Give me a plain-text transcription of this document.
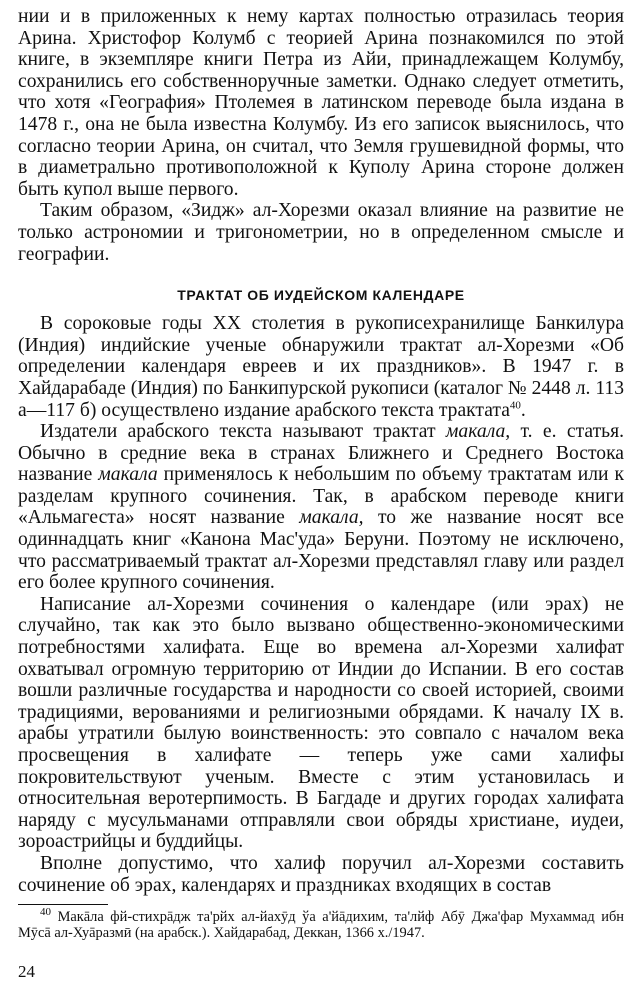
нии и в приложенных к нему картах полностью отразилась теория Арина. Христофор Колумб с теорией Арина познакомился по этой книге, в экземпляре книги Петра из Айи, принадлежащем Колумбу, сохранились его собственноручные заметки. Однако следует отметить, что хотя «География» Птолемея в латинском переводе была издана в 1478 г., она не была известна Колумбу. Из его записок выяснилось, что согласно теории Арина, он считал, что Земля грушевидной формы, что в диаметрально противоположной к Куполу Арина стороне должен быть купол выше первого.

Таким образом, «Зидж» ал-Хорезми оказал влияние на развитие не только астрономии и тригонометрии, но в определенном смысле и географии.

ТРАКТАТ ОБ ИУДЕЙСКОМ КАЛЕНДАРЕ

В сороковые годы XX столетия в рукописехранилище Банкилура (Индия) индийские ученые обнаружили трактат ал-Хорезми «Об определении календаря евреев и их праздников». В 1947 г. в Хайдарабаде (Индия) по Банкипурской рукописи (каталог № 2448 л. 113 а—117 б) осуществлено издание арабского текста трактата$^{40}$.

Издатели арабского текста называют трактат макала, т. е. статья. Обычно в средние века в странах Ближнего и Среднего Востока название макала применялось к небольшим по объему трактатам или к разделам крупного сочинения. Так, в арабском переводе книги «Альмагеста» носят название макала, то же название носят все одиннадцать книг «Канона Мас'уда» Беруни. Поэтому не исключено, что рассматриваемый трактат ал-Хорезми представлял главу или раздел его более крупного сочинения.

Написание ал-Хорезми сочинения о календаре (или эрах) не случайно, так как это было вызвано общественно-экономическими потребностями халифата. Еще во времена ал-Хорезми халифат охватывал огромную территорию от Индии до Испании. В его состав вошли различные государства и народности со своей историей, своими традициями, верованиями и религиозными обрядами. К началу IX в. арабы утратили былую воинственность: это совпало с началом века просвещения в халифате — теперь уже сами халифы покровительствуют ученым. Вместе с этим установилась и относительная веротерпимость. В Багдаде и других городах халифата наряду с мусульманами отправляли свои обряды христиане, иудеи, зороастрийцы и буддийцы.

Вполне допустимо, что халиф поручил ал-Хорезми составить сочинение об эрах, календарях и праздниках входящих в состав

$^{40}$ Макāла фй-стихрāдж та'рйх ал-йахӯд ўа а'йāдихим, та'лйф Абӯ Джа'фар Мухаммад ибн Мӯсā ал-Хуāразмӣ (на арабск.). Хайдарабад, Деккан, 1366 х./1947.

24
